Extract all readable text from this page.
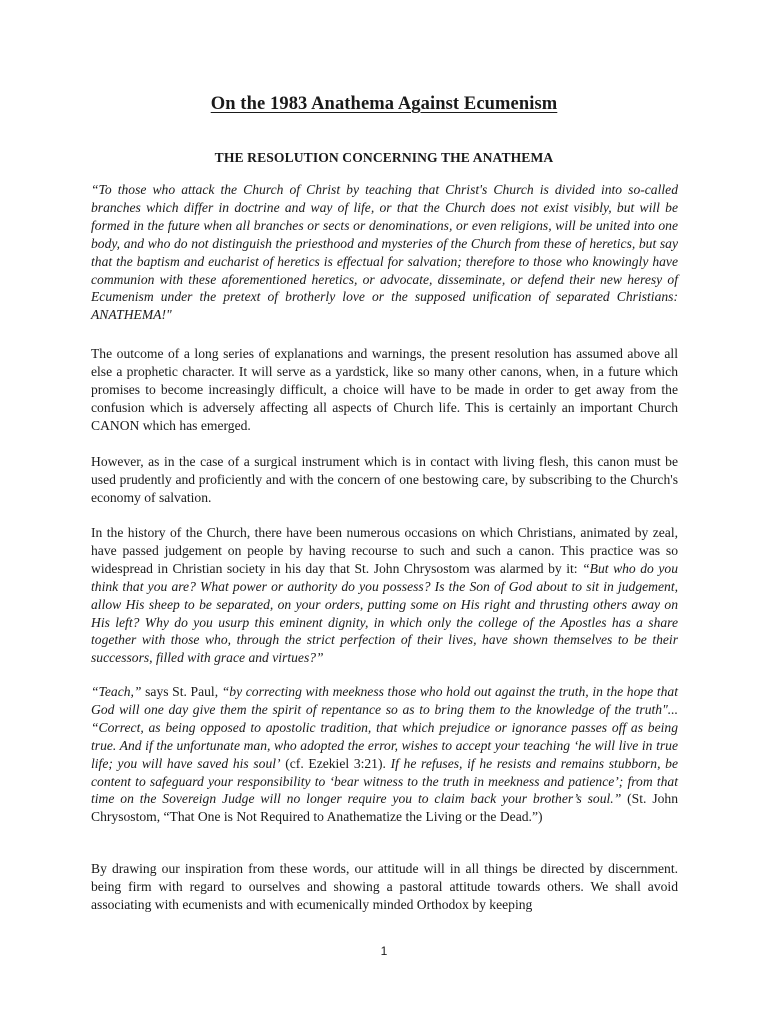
On the 1983 Anathema Against Ecumenism
THE RESOLUTION CONCERNING THE ANATHEMA

“To those who attack the Church of Christ by teaching that Christ's Church is divided into so-called branches which differ in doctrine and way of life, or that the Church does not exist visibly, but will be formed in the future when all branches or sects or denominations, or even religions, will be united into one body, and who do not distinguish the priesthood and mysteries of the Church from these of heretics, but say that the baptism and eucharist of heretics is effectual for salvation; therefore to those who knowingly have communion with these aforementioned heretics, or advocate, disseminate, or defend their new heresy of Ecumenism under the pretext of brotherly love or the supposed unification of separated Christians: ANATHEMA!"

The outcome of a long series of explanations and warnings, the present resolution has assumed above all else a prophetic character. It will serve as a yardstick, like so many other canons, when, in a future which promises to become increasingly difficult, a choice will have to be made in order to get away from the confusion which is adversely affecting all aspects of Church life. This is certainly an important Church CANON which has emerged.

However, as in the case of a surgical instrument which is in contact with living flesh, this canon must be used prudently and proficiently and with the concern of one bestowing care, by subscribing to the Church's economy of salvation.

In the history of the Church, there have been numerous occasions on which Christians, animated by zeal, have passed judgement on people by having recourse to such and such a canon. This practice was so widespread in Christian society in his day that St. John Chrysostom was alarmed by it: “But who do you think that you are? What power or authority do you possess? Is the Son of God about to sit in judgement, allow His sheep to be separated, on your orders, putting some on His right and thrusting others away on His left? Why do you usurp this eminent dignity, in which only the college of the Apostles has a share together with those who, through the strict perfection of their lives, have shown themselves to be their successors, filled with grace and virtues?”

“Teach,” says St. Paul, “by correcting with meekness those who hold out against the truth, in the hope that God will one day give them the spirit of repentance so as to bring them to the knowledge of the truth"... “Correct, as being opposed to apostolic tradition, that which prejudice or ignorance passes off as being true. And if the unfortunate man, who adopted the error, wishes to accept your teaching ‘he will live in true life; you will have saved his soul’ (cf. Ezekiel 3:21). If he refuses, if he resists and remains stubborn, be content to safeguard your responsibility to ‘bear witness to the truth in meekness and patience’; from that time on the Sovereign Judge will no longer require you to claim back your brother’s soul.” (St. John Chrysostom, “That One is Not Required to Anathematize the Living or the Dead.”)

By drawing our inspiration from these words, our attitude will in all things be directed by discernment. being firm with regard to ourselves and showing a pastoral attitude towards others. We shall avoid associating with ecumenists and with ecumenically minded Orthodox by keeping

1
